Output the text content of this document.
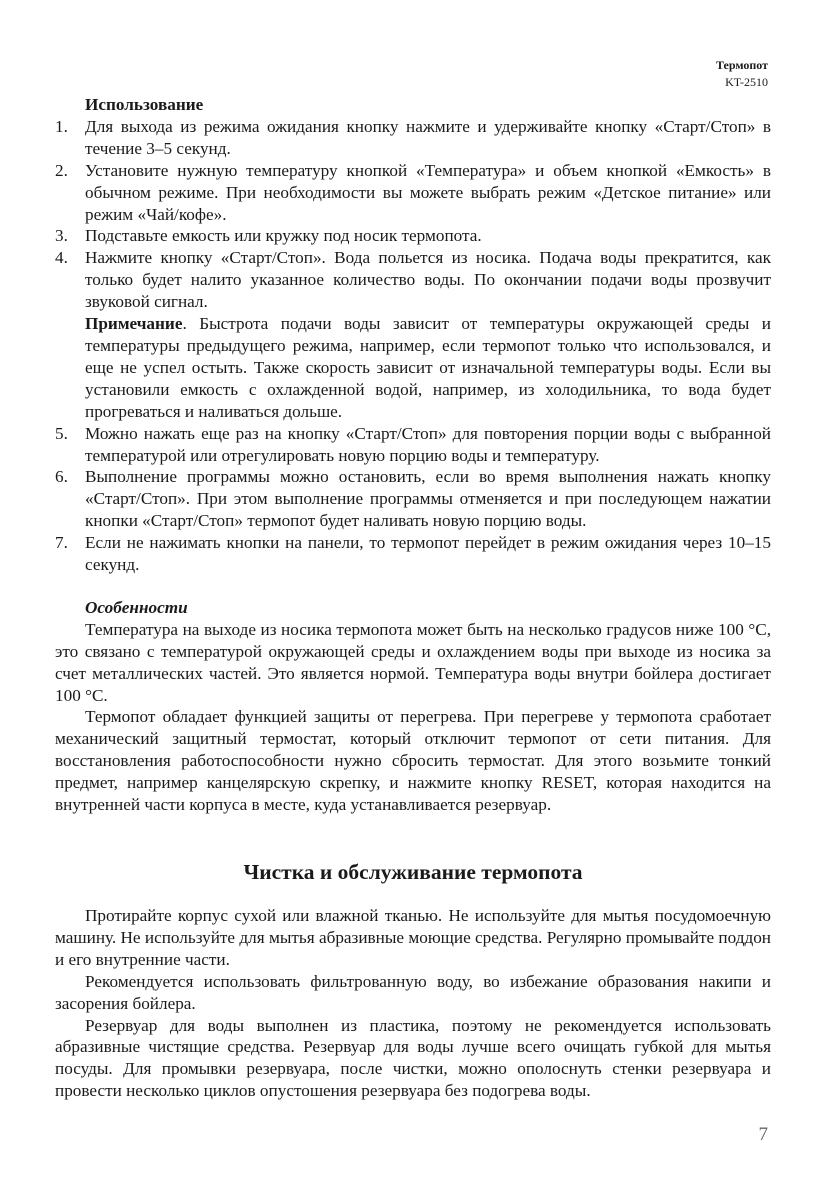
Термопот
KT-2510
Использование
1. Для выхода из режима ожидания кнопку нажмите и удерживайте кнопку «Старт/Стоп» в течение 3–5 секунд.
2. Установите нужную температуру кнопкой «Температура» и объем кнопкой «Емкость» в обычном режиме. При необходимости вы можете выбрать режим «Детское питание» или режим «Чай/кофе».
3. Подставьте емкость или кружку под носик термопота.
4. Нажмите кнопку «Старт/Стоп». Вода польется из носика. Подача воды прекратится, как только будет налито указанное количество воды. По окончании подачи воды прозвучит звуковой сигнал.
Примечание. Быстрота подачи воды зависит от температуры окружающей среды и температуры предыдущего режима, например, если термопот только что использовался, и еще не успел остыть. Также скорость зависит от изначальной температуры воды. Если вы установили емкость с охлажденной водой, например, из холодильника, то вода будет прогреваться и наливаться дольше.
5. Можно нажать еще раз на кнопку «Старт/Стоп» для повторения порции воды с выбранной температурой или отрегулировать новую порцию воды и температуру.
6. Выполнение программы можно остановить, если во время выполнения нажать кнопку «Старт/Стоп». При этом выполнение программы отменяется и при последующем нажатии кнопки «Старт/Стоп» термопот будет наливать новую порцию воды.
7. Если не нажимать кнопки на панели, то термопот перейдет в режим ожидания через 10–15 секунд.
Особенности

Температура на выходе из носика термопота может быть на несколько градусов ниже 100 °С, это связано с температурой окружающей среды и охлаждением воды при выходе из носика за счет металлических частей. Это является нормой. Температура воды внутри бойлера достигает 100 °С.

Термопот обладает функцией защиты от перегрева. При перегреве у термопота сработает механический защитный термостат, который отключит термопот от сети питания. Для восстановления работоспособности нужно сбросить термостат. Для этого возьмите тонкий предмет, например канцелярскую скрепку, и нажмите кнопку RESET, которая находится на внутренней части корпуса в месте, куда устанавливается резервуар.

Чистка и обслуживание термопота

Протирайте корпус сухой или влажной тканью. Не используйте для мытья посудомоечную машину. Не используйте для мытья абразивные моющие средства. Регулярно промывайте поддон и его внутренние части.

Рекомендуется использовать фильтрованную воду, во избежание образования накипи и засорения бойлера.

Резервуар для воды выполнен из пластика, поэтому не рекомендуется использовать абразивные чистящие средства. Резервуар для воды лучше всего очищать губкой для мытья посуды. Для промывки резервуара, после чистки, можно ополоснуть стенки резервуара и провести несколько циклов опустошения резервуара без подогрева воды.

7
